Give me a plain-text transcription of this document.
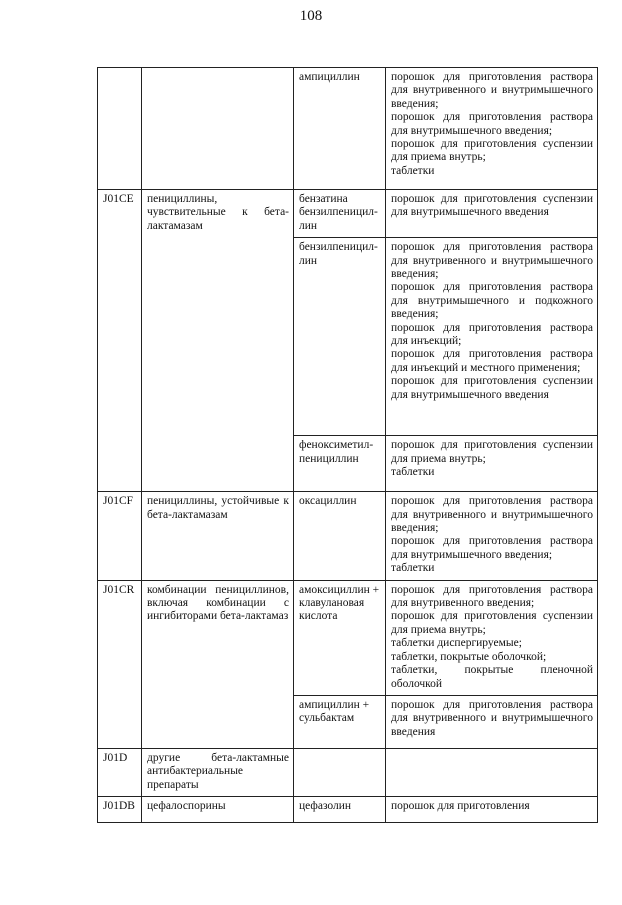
108
		ампициллин	порошок для приготовления раствора для внутривенного и внутримышечного введения;
порошок для приготовления раствора для внутримышечного введения;
порошок для приготовления суспензии для приема внутрь;
таблетки

J01CE	пенициллины, чувствительные к бета-лактамазам	бензатина бензилпеницил-лин	порошок для приготовления суспензии для внутримышечного введения

		бензилпеницил-лин	порошок для приготовления раствора для внутривенного и внутримышечного введения;
порошок для приготовления раствора для внутримышечного и подкожного введения;
порошок для приготовления раствора для инъекций;
порошок для приготовления раствора для инъекций и местного применения;
порошок для приготовления суспензии для внутримышечного введения

		феноксиметил-пенициллин	порошок для приготовления суспензии для приема внутрь;
таблетки

J01CF	пенициллины, устойчивые к бета-лактамазам	оксациллин	порошок для приготовления раствора для внутривенного и внутримышечного введения;
порошок для приготовления раствора для внутримышечного введения;
таблетки

J01CR	комбинации пенициллинов, включая комбинации с ингибиторами бета-лактамаз	амоксициллин + клавулановая кислота	порошок для приготовления раствора для внутривенного введения;
порошок для приготовления суспензии для приема внутрь;
таблетки диспергируемые;
таблетки, покрытые оболочкой;
таблетки, покрытые пленочной оболочкой

		ампициллин + сульбактам	порошок для приготовления раствора для внутривенного и внутримышечного введения

J01D	другие бета-лактамные антибактериальные препараты		
J01DB	цефалоспорины	цефазолин	порошок для приготовления
